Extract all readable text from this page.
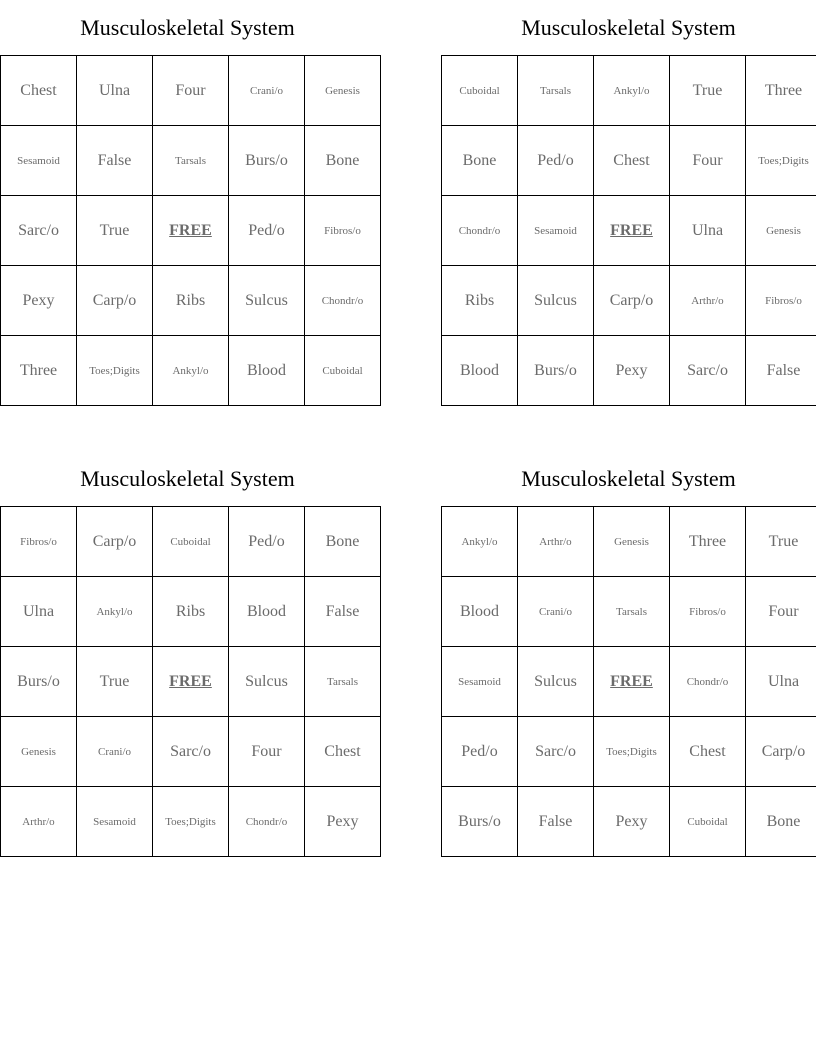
Musculoskeletal System
Chest	Ulna	Four	Crani/o	Genesis
Sesamoid	False	Tarsals	Burs/o	Bone
Sarc/o	True	FREE	Ped/o	Fibros/o
Pexy	Carp/o	Ribs	Sulcus	Chondr/o
Three	Toes;Digits	Ankyl/o	Blood	Cuboidal
Musculoskeletal System
Cuboidal	Tarsals	Ankyl/o	True	Three
Bone	Ped/o	Chest	Four	Toes;Digits
Chondr/o	Sesamoid	FREE	Ulna	Genesis
Ribs	Sulcus	Carp/o	Arthr/o	Fibros/o
Blood	Burs/o	Pexy	Sarc/o	False
Musculoskeletal System
Fibros/o	Carp/o	Cuboidal	Ped/o	Bone
Ulna	Ankyl/o	Ribs	Blood	False
Burs/o	True	FREE	Sulcus	Tarsals
Genesis	Crani/o	Sarc/o	Four	Chest
Arthr/o	Sesamoid	Toes;Digits	Chondr/o	Pexy
Musculoskeletal System
Ankyl/o	Arthr/o	Genesis	Three	True
Blood	Crani/o	Tarsals	Fibros/o	Four
Sesamoid	Sulcus	FREE	Chondr/o	Ulna
Ped/o	Sarc/o	Toes;Digits	Chest	Carp/o
Burs/o	False	Pexy	Cuboidal	Bone
